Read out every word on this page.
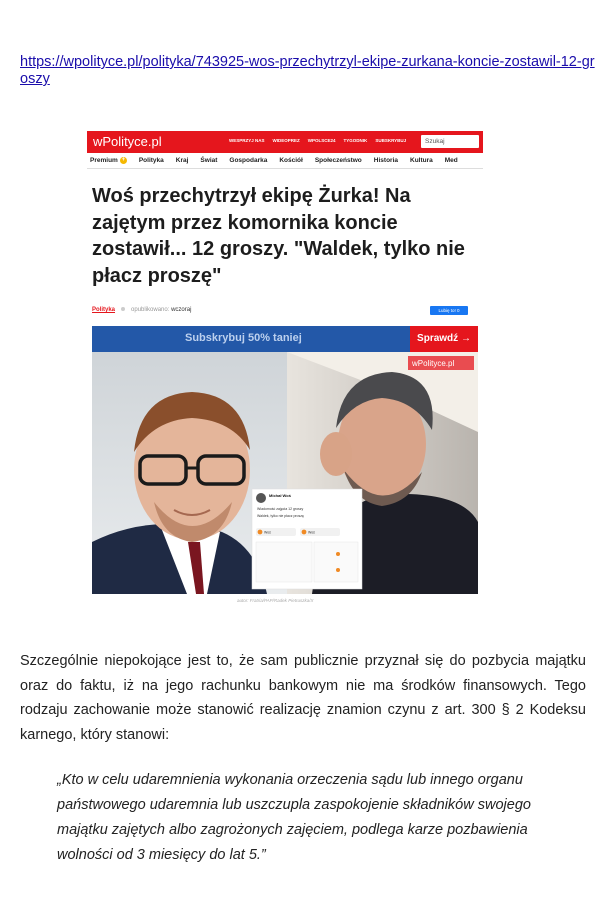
https://wpolityce.pl/polityka/743925-wos-przechytrzyl-ekipe-zurkana-koncie-zostawil-12-groszy
wPolityce.pl	WESPRZYJ NAS WIDEOPREZ WPOLSCE24 TYGODNIK SUBSKRYBUJ	Szukaj
Premium + Polityka Kraj Świat Gospodarka Kościół Społeczeństwo Historia Kultura Med
Woś przechytrzył ekipę Żurka! Na zajętym przez komornika koncie zostawił... 12 groszy. "Waldek, tylko nie płacz proszę"
Polityka	opublikowano: wczoraj	Lubię to! 0
Subskrybuj 50% taniej	Sprawdź →
Michał Woś
Wiadomość zajęcia 12 groszy
Waldek, tylko nie płacz proszę
Woś	Woś
wPolityce.pl
autor: Fratria/PAP/Radek Pietruszka/X

Szczególnie niepokojące jest to, że sam publicznie przyznał się do pozbycia majątku oraz do faktu, iż na jego rachunku bankowym nie ma środków finansowych. Tego rodzaju zachowanie może stanowić realizację znamion czynu z art. 300 § 2 Kodeksu karnego, który stanowi:

„Kto w celu udaremnienia wykonania orzeczenia sądu lub innego organu państwowego udaremnia lub uszczupla zaspokojenie składników swojego majątku zajętych albo zagrożonych zajęciem, podlega karze pozbawienia wolności od 3 miesięcy do lat 5.”
